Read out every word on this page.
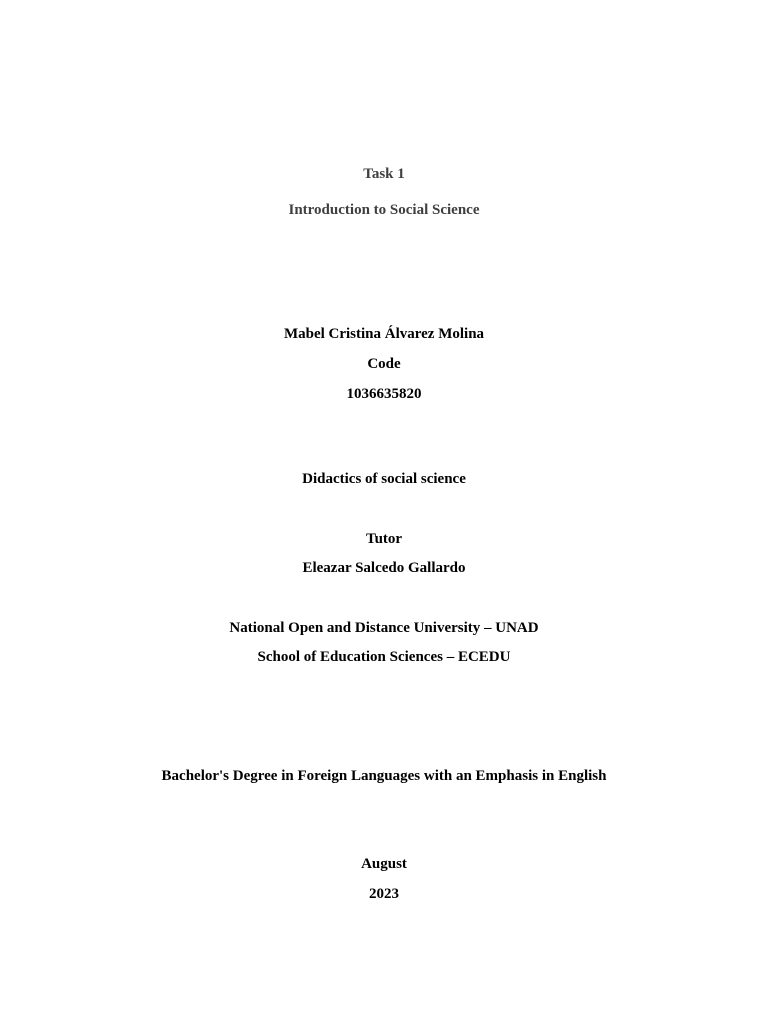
Task 1
Introduction to Social Science
Mabel Cristina Álvarez Molina
Code
1036635820
Didactics of social science
Tutor
Eleazar Salcedo Gallardo
National Open and Distance University – UNAD
School of Education Sciences – ECEDU
Bachelor's Degree in Foreign Languages with an Emphasis in English
August
2023
